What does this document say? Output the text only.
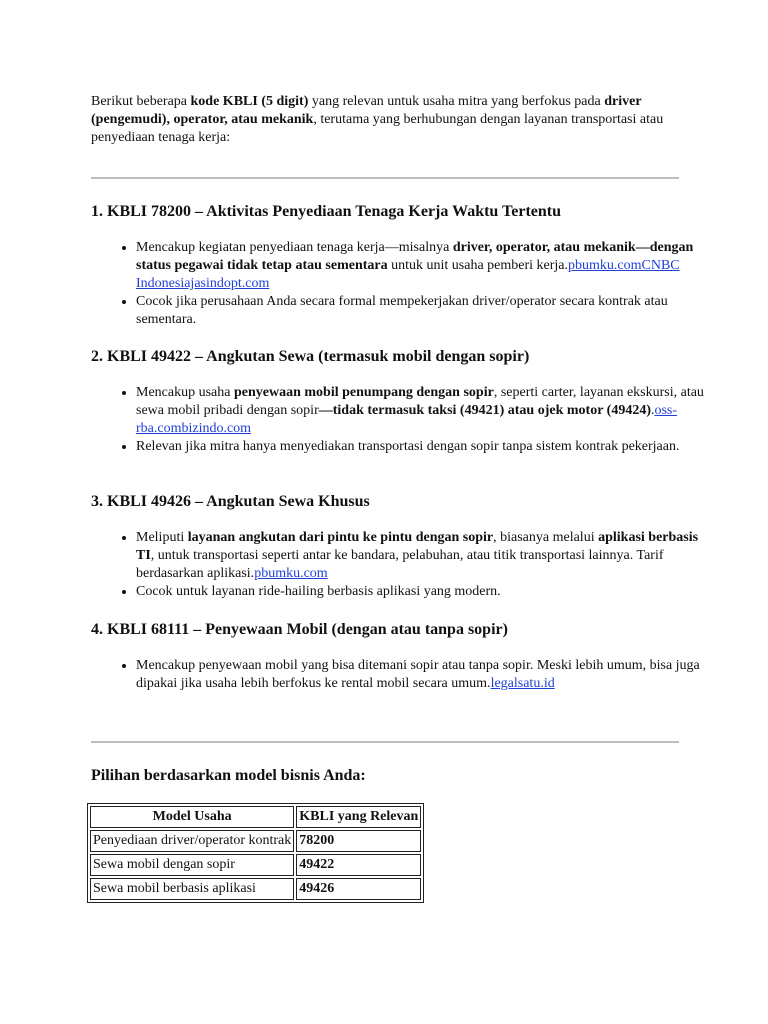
Berikut beberapa kode KBLI (5 digit) yang relevan untuk usaha mitra yang berfokus pada driver (pengemudi), operator, atau mekanik, terutama yang berhubungan dengan layanan transportasi atau penyediaan tenaga kerja:

1. KBLI 78200 – Aktivitas Penyediaan Tenaga Kerja Waktu Tertentu
• Mencakup kegiatan penyediaan tenaga kerja—misalnya driver, operator, atau mekanik—dengan status pegawai tidak tetap atau sementara untuk unit usaha pemberi kerja.pbumku.comCNBC Indonesiajasindopt.com
• Cocok jika perusahaan Anda secara formal mempekerjakan driver/operator secara kontrak atau sementara.
2. KBLI 49422 – Angkutan Sewa (termasuk mobil dengan sopir)
• Mencakup usaha penyewaan mobil penumpang dengan sopir, seperti carter, layanan ekskursi, atau sewa mobil pribadi dengan sopir—tidak termasuk taksi (49421) atau ojek motor (49424).oss-rba.combizindo.com
• Relevan jika mitra hanya menyediakan transportasi dengan sopir tanpa sistem kontrak pekerjaan.
3. KBLI 49426 – Angkutan Sewa Khusus
• Meliputi layanan angkutan dari pintu ke pintu dengan sopir, biasanya melalui aplikasi berbasis TI, untuk transportasi seperti antar ke bandara, pelabuhan, atau titik transportasi lainnya. Tarif berdasarkan aplikasi.pbumku.com
• Cocok untuk layanan ride-hailing berbasis aplikasi yang modern.
4. KBLI 68111 – Penyewaan Mobil (dengan atau tanpa sopir)
• Mencakup penyewaan mobil yang bisa ditemani sopir atau tanpa sopir. Meski lebih umum, bisa juga dipakai jika usaha lebih berfokus ke rental mobil secara umum.legalsatu.id
Pilihan berdasarkan model bisnis Anda:
Model Usaha	KBLI yang Relevan
Penyediaan driver/operator kontrak	78200
Sewa mobil dengan sopir	49422
Sewa mobil berbasis aplikasi	49426
